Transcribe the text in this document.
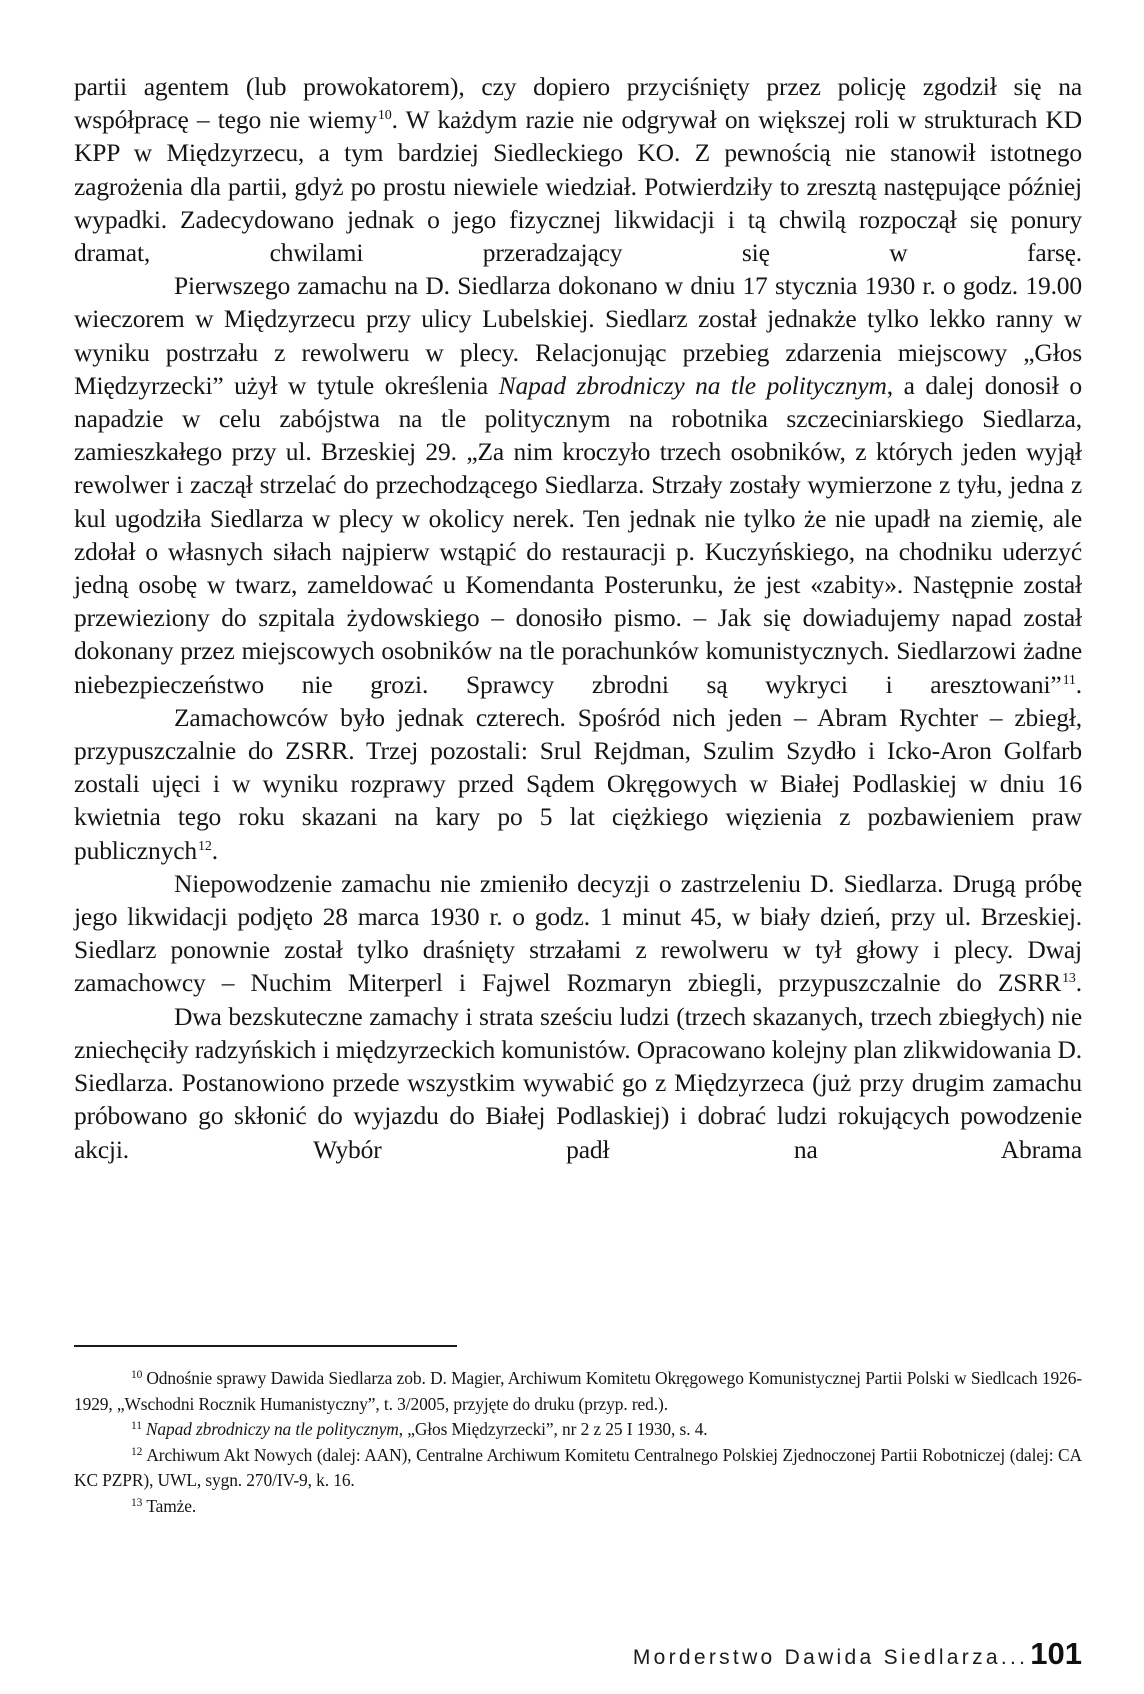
partii agentem (lub prowokatorem), czy dopiero przyciśnięty przez policję zgodził się na współpracę – tego nie wiemy$^{10}$. W każdym razie nie odgrywał on większej roli w strukturach KD KPP w Międzyrzecu, a tym bardziej Siedleckiego KO. Z pewnością nie stanowił istotnego zagrożenia dla partii, gdyż po prostu niewiele wiedział. Potwierdziły to zresztą następujące później wypadki. Zadecydowano jednak o jego fizycznej likwidacji i tą chwilą rozpoczął się ponury dramat, chwilami przeradzający się w farsę.

Pierwszego zamachu na D. Siedlarza dokonano w dniu 17 stycznia 1930 r. o godz. 19.00 wieczorem w Międzyrzecu przy ulicy Lubelskiej. Siedlarz został jednakże tylko lekko ranny w wyniku postrzału z rewolweru w plecy. Relacjonując przebieg zdarzenia miejscowy „Głos Międzyrzecki” użył w tytule określenia Napad zbrodniczy na tle politycznym, a dalej donosił o napadzie w celu zabójstwa na tle politycznym na robotnika szczeciniarskiego Siedlarza, zamieszkałego przy ul. Brzeskiej 29. „Za nim kroczyło trzech osobników, z których jeden wyjął rewolwer i zaczął strzelać do przechodzącego Siedlarza. Strzały zostały wymierzone z tyłu, jedna z kul ugodziła Siedlarza w plecy w okolicy nerek. Ten jednak nie tylko że nie upadł na ziemię, ale zdołał o własnych siłach najpierw wstąpić do restauracji p. Kuczyńskiego, na chodniku uderzyć jedną osobę w twarz, zameldować u Komendanta Posterunku, że jest «zabity». Następnie został przewieziony do szpitala żydowskiego – donosiło pismo. – Jak się dowiadujemy napad został dokonany przez miejscowych osobników na tle porachunków komunistycznych. Siedlarzowi żadne niebezpieczeństwo nie grozi. Sprawcy zbrodni są wykryci i aresztowani”$^{11}$.

Zamachowców było jednak czterech. Spośród nich jeden – Abram Rychter – zbiegł, przypuszczalnie do ZSRR. Trzej pozostali: Srul Rejdman, Szulim Szydło i Icko-Aron Golfarb zostali ujęci i w wyniku rozprawy przed Sądem Okręgowych w Białej Podlaskiej w dniu 16 kwietnia tego roku skazani na kary po 5 lat ciężkiego więzienia z pozbawieniem praw publicznych$^{12}$.

Niepowodzenie zamachu nie zmieniło decyzji o zastrzeleniu D. Siedlarza. Drugą próbę jego likwidacji podjęto 28 marca 1930 r. o godz. 1 minut 45, w biały dzień, przy ul. Brzeskiej. Siedlarz ponownie został tylko draśnięty strzałami z rewolweru w tył głowy i plecy. Dwaj zamachowcy – Nuchim Miterperl i Fajwel Rozmaryn zbiegli, przypuszczalnie do ZSRR$^{13}$.

Dwa bezskuteczne zamachy i strata sześciu ludzi (trzech skazanych, trzech zbiegłych) nie zniechęciły radzyńskich i międzyrzeckich komunistów. Opracowano kolejny plan zlikwidowania D. Siedlarza. Postanowiono przede wszystkim wywabić go z Międzyrzeca (już przy drugim zamachu próbowano go skłonić do wyjazdu do Białej Podlaskiej) i dobrać ludzi rokujących powodzenie akcji. Wybór padł na Abrama

$^{10}$ Odnośnie sprawy Dawida Siedlarza zob. D. Magier, Archiwum Komitetu Okręgowego Komunistycznej Partii Polski w Siedlcach 1926-1929, „Wschodni Rocznik Humanistyczny”, t. 3/2005, przyjęte do druku (przyp. red.).

$^{11}$ Napad zbrodniczy na tle politycznym, „Głos Międzyrzecki”, nr 2 z 25 I 1930, s. 4.

$^{12}$ Archiwum Akt Nowych (dalej: AAN), Centralne Archiwum Komitetu Centralnego Polskiej Zjednoczonej Partii Robotniczej (dalej: CA KC PZPR), UWL, sygn. 270/IV-9, k. 16.

$^{13}$ Tamże.

Morderstwo Dawida Siedlarza...101
